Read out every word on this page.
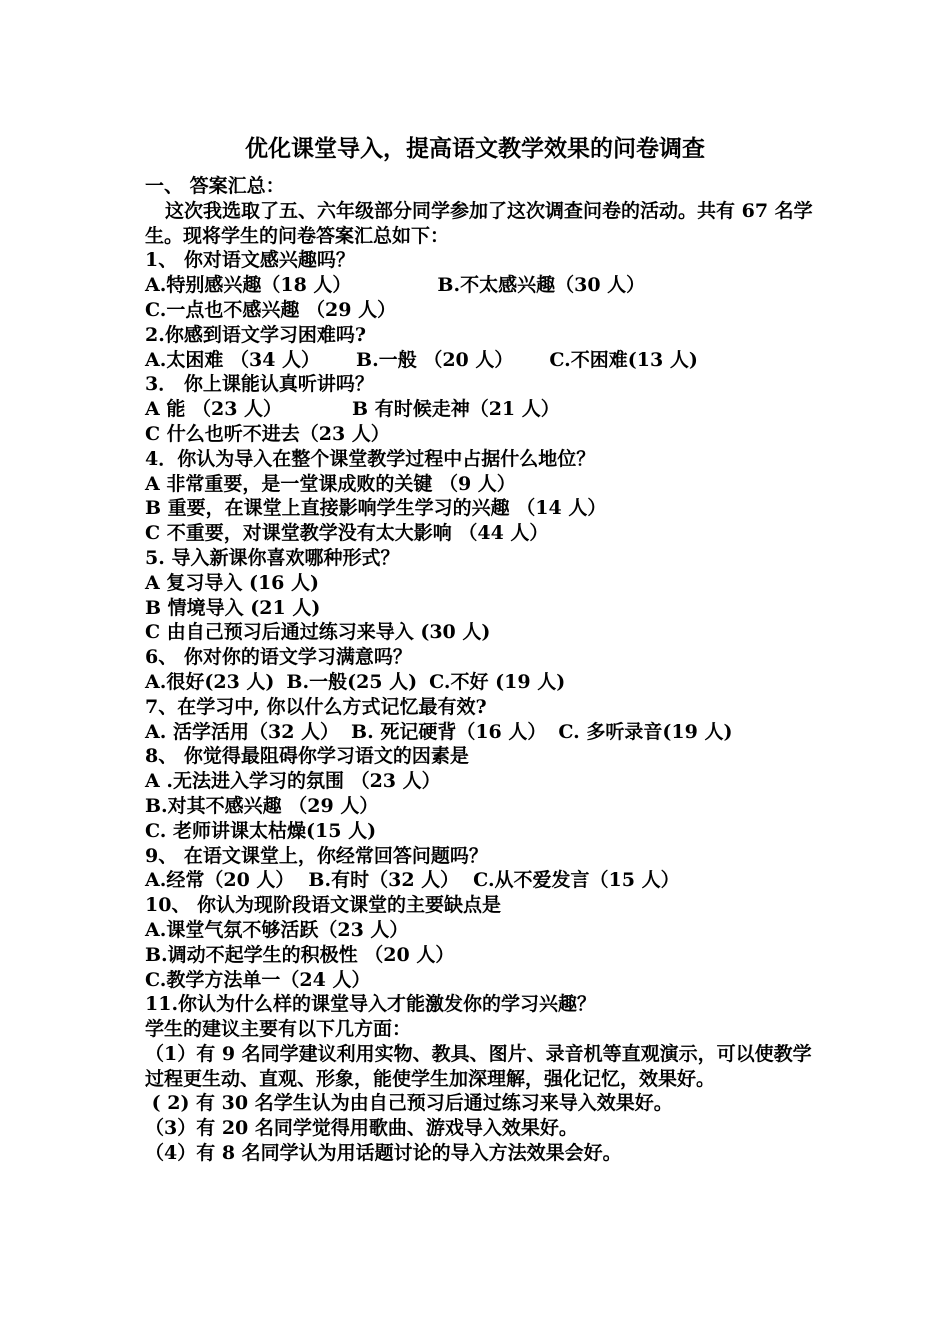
优化课堂导入，提高语文教学效果的问卷调查
一、 答案汇总：
这次我选取了五、六年级部分同学参加了这次调查问卷的活动。共有 67 名学生。现将学生的问卷答案汇总如下：
1、 你对语文感兴趣吗？
A.特别感兴趣（18 人）	B.不太感兴趣（30 人）
C.一点也不感兴趣 （29 人）
2.你感到语文学习困难吗?
A.太困难 （34 人） B.一般 （20 人） C.不困难(13 人)
3． 你上课能认真听讲吗？
A 能 （23 人）	B 有时候走神（21 人）
C 什么也听不进去（23 人）
4．你认为导入在整个课堂教学过程中占据什么地位？
A 非常重要，是一堂课成败的关键 （9 人）
B 重要，在课堂上直接影响学生学习的兴趣 （14 人）
C 不重要，对课堂教学没有太大影响 （44 人）
5. 导入新课你喜欢哪种形式？
A 复习导入 (16 人)
B 情境导入 (21 人)
C 由自己预习后通过练习来导入 (30 人)
6、 你对你的语文学习满意吗？
A.很好(23 人) B.一般(25 人) C.不好 (19 人)
7、在学习中, 你以什么方式记忆最有效?
A. 活学活用（32 人） B. 死记硬背（16 人） C. 多听录音(19 人)
8、 你觉得最阻碍你学习语文的因素是
A .无法进入学习的氛围 （23 人）
B.对其不感兴趣 （29 人）
C. 老师讲课太枯燥(15 人)
9、 在语文课堂上，你经常回答问题吗？
A.经常（20 人） B.有时（32 人） C.从不爱发言（15 人）
10、 你认为现阶段语文课堂的主要缺点是
A.课堂气氛不够活跃（23 人）
B.调动不起学生的积极性 （20 人）
C.教学方法单一（24 人）
11.你认为什么样的课堂导入才能激发你的学习兴趣？
学生的建议主要有以下几方面：
（1）有 9 名同学建议利用实物、教具、图片、录音机等直观演示，可以使教学过程更生动、直观、形象，能使学生加深理解，强化记忆，效果好。
( 2) 有 30 名学生认为由自己预习后通过练习来导入效果好。
（3）有 20 名同学觉得用歌曲、游戏导入效果好。
（4）有 8 名同学认为用话题讨论的导入方法效果会好。
